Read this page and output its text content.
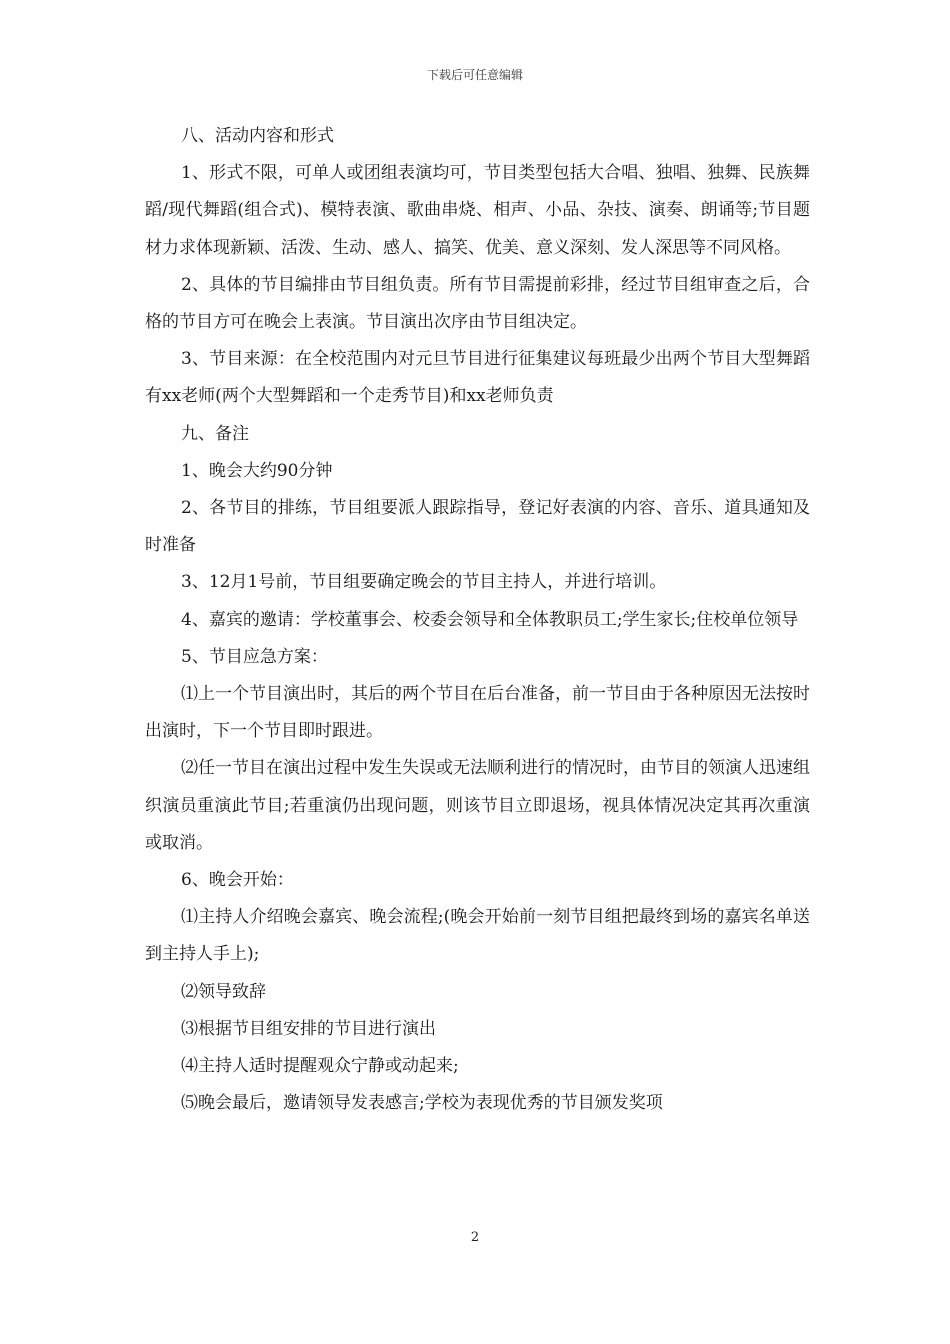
下载后可任意编辑

八、活动内容和形式

1、形式不限，可单人或团组表演均可，节目类型包括大合唱、独唱、独舞、民族舞蹈/现代舞蹈(组合式)、模特表演、歌曲串烧、相声、小品、杂技、演奏、朗诵等;节目题材力求体现新颖、活泼、生动、感人、搞笑、优美、意义深刻、发人深思等不同风格。

2、具体的节目编排由节目组负责。所有节目需提前彩排，经过节目组审查之后，合格的节目方可在晚会上表演。节目演出次序由节目组决定。

3、节目来源：在全校范围内对元旦节目进行征集建议每班最少出两个节目大型舞蹈有xx老师(两个大型舞蹈和一个走秀节目)和xx老师负责

九、备注

1、晚会大约90分钟

2、各节目的排练，节目组要派人跟踪指导，登记好表演的内容、音乐、道具通知及时准备

3、12月1号前，节目组要确定晚会的节目主持人，并进行培训。

4、嘉宾的邀请：学校董事会、校委会领导和全体教职员工;学生家长;住校单位领导

5、节目应急方案：

⑴上一个节目演出时，其后的两个节目在后台准备，前一节目由于各种原因无法按时出演时，下一个节目即时跟进。

⑵任一节目在演出过程中发生失误或无法顺利进行的情况时，由节目的领演人迅速组织演员重演此节目;若重演仍出现问题，则该节目立即退场，视具体情况决定其再次重演或取消。

6、晚会开始：

⑴主持人介绍晚会嘉宾、晚会流程;(晚会开始前一刻节目组把最终到场的嘉宾名单送到主持人手上);

⑵领导致辞

⑶根据节目组安排的节目进行演出

⑷主持人适时提醒观众宁静或动起来;

⑸晚会最后，邀请领导发表感言;学校为表现优秀的节目颁发奖项

2
